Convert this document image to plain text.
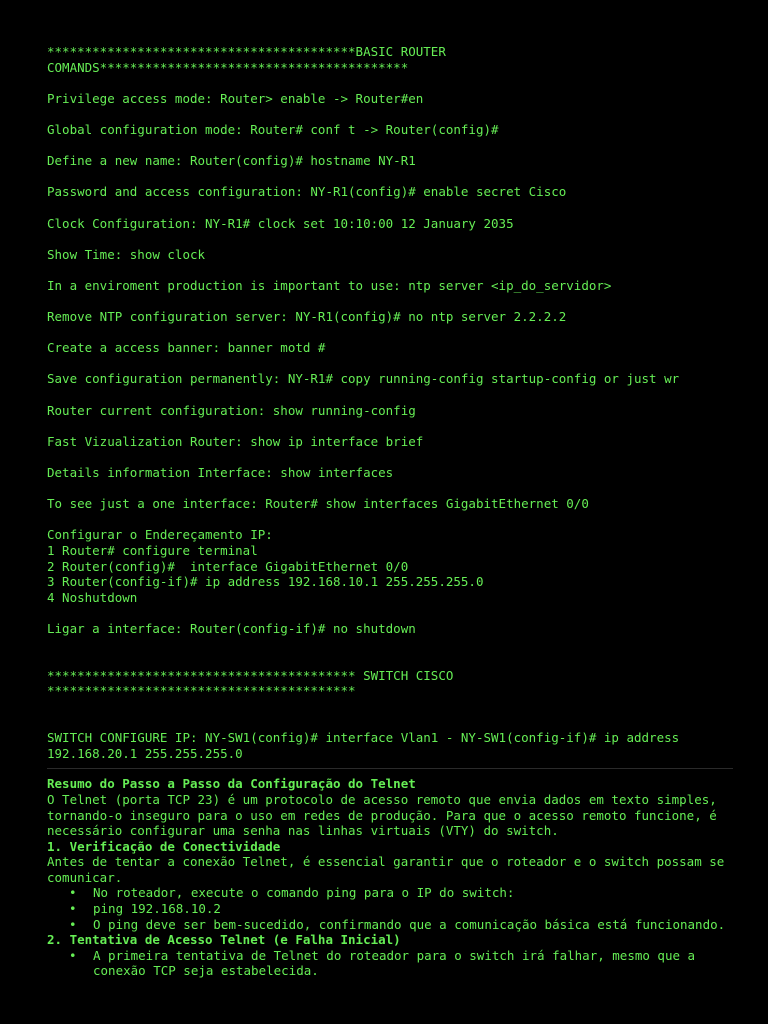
*****************************************BASIC ROUTER
COMANDS*****************************************
Privilege access mode: Router> enable -> Router#en
Global configuration mode: Router# conf t -> Router(config)#
Define a new name: Router(config)# hostname NY-R1
Password and access configuration: NY-R1(config)# enable secret Cisco
Clock Configuration: NY-R1# clock set 10:10:00 12 January 2035
Show Time: show clock
In a enviroment production is important to use: ntp server <ip_do_servidor>
Remove NTP configuration server: NY-R1(config)# no ntp server 2.2.2.2
Create a access banner: banner motd #
Save configuration permanently: NY-R1# copy running-config startup-config or just wr
Router current configuration: show running-config
Fast Vizualization Router: show ip interface brief
Details information Interface: show interfaces
To see just a one interface: Router# show interfaces GigabitEthernet 0/0
Configurar o Endereçamento IP:
1 Router# configure terminal
2 Router(config)#  interface GigabitEthernet 0/0
3 Router(config-if)# ip address 192.168.10.1 255.255.255.0
4 Noshutdown
Ligar a interface: Router(config-if)# no shutdown
***************************************** SWITCH CISCO
*****************************************
SWITCH CONFIGURE IP: NY-SW1(config)# interface Vlan1 - NY-SW1(config-if)# ip address 192.168.20.1 255.255.255.0
Resumo do Passo a Passo da Configuração do Telnet
O Telnet (porta TCP 23) é um protocolo de acesso remoto que envia dados em texto simples, tornando-o inseguro para o uso em redes de produção. Para que o acesso remoto funcione, é necessário configurar uma senha nas linhas virtuais (VTY) do switch.
1. Verificação de Conectividade
Antes de tentar a conexão Telnet, é essencial garantir que o roteador e o switch possam se comunicar.
• No roteador, execute o comando ping para o IP do switch:
• ping 192.168.10.2
• O ping deve ser bem-sucedido, confirmando que a comunicação básica está funcionando.
2. Tentativa de Acesso Telnet (e Falha Inicial)
• A primeira tentativa de Telnet do roteador para o switch irá falhar, mesmo que a conexão TCP seja estabelecida.
